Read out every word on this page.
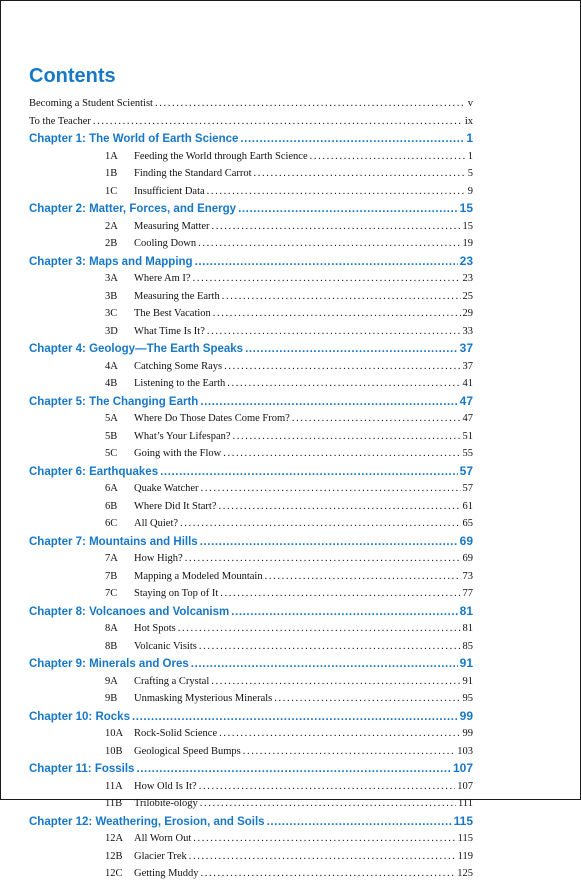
Contents
Becoming a Student Scientist . . .	v
To the Teacher . . .	ix
Chapter 1: The World of Earth Science .....	1
1A	Feeding the World through Earth Science . . .	1
1B	Finding the Standard Carrot . . .	5
1C	Insufficient Data . . .	9
Chapter 2: Matter, Forces, and Energy .....	15
2A	Measuring Matter . . .	15
2B	Cooling Down . . .	19
Chapter 3: Maps and Mapping .....	23
3A	Where Am I? . . .	23
3B	Measuring the Earth . . .	25
3C	The Best Vacation . . .	29
3D	What Time Is It? . . .	33
Chapter 4: Geology—The Earth Speaks .....	37
4A	Catching Some Rays . . .	37
4B	Listening to the Earth . . .	41
Chapter 5: The Changing Earth .....	47
5A	Where Do Those Dates Come From? . . .	47
5B	What’s Your Lifespan? . . .	51
5C	Going with the Flow . . .	55
Chapter 6: Earthquakes .....	57
6A	Quake Watcher . . .	57
6B	Where Did It Start? . . .	61
6C	All Quiet? . . .	65
Chapter 7: Mountains and Hills .....	69
7A	How High? . . .	69
7B	Mapping a Modeled Mountain . . .	73
7C	Staying on Top of It . . .	77
Chapter 8: Volcanoes and Volcanism .....	81
8A	Hot Spots . . .	81
8B	Volcanic Visits . . .	85
Chapter 9: Minerals and Ores .....	91
9A	Crafting a Crystal . . .	91
9B	Unmasking Mysterious Minerals . . .	95
Chapter 10: Rocks .....	99
10A	Rock-Solid Science . . .	99
10B	Geological Speed Bumps . . .	103
Chapter 11: Fossils .....	107
11A	How Old Is It? . . .	107
11B	Trilobite-ology . . .	111
Chapter 12: Weathering, Erosion, and Soils .....	115
12A	All Worn Out . . .	115
12B	Glacier Trek . . .	119
12C	Getting Muddy . . .	125
